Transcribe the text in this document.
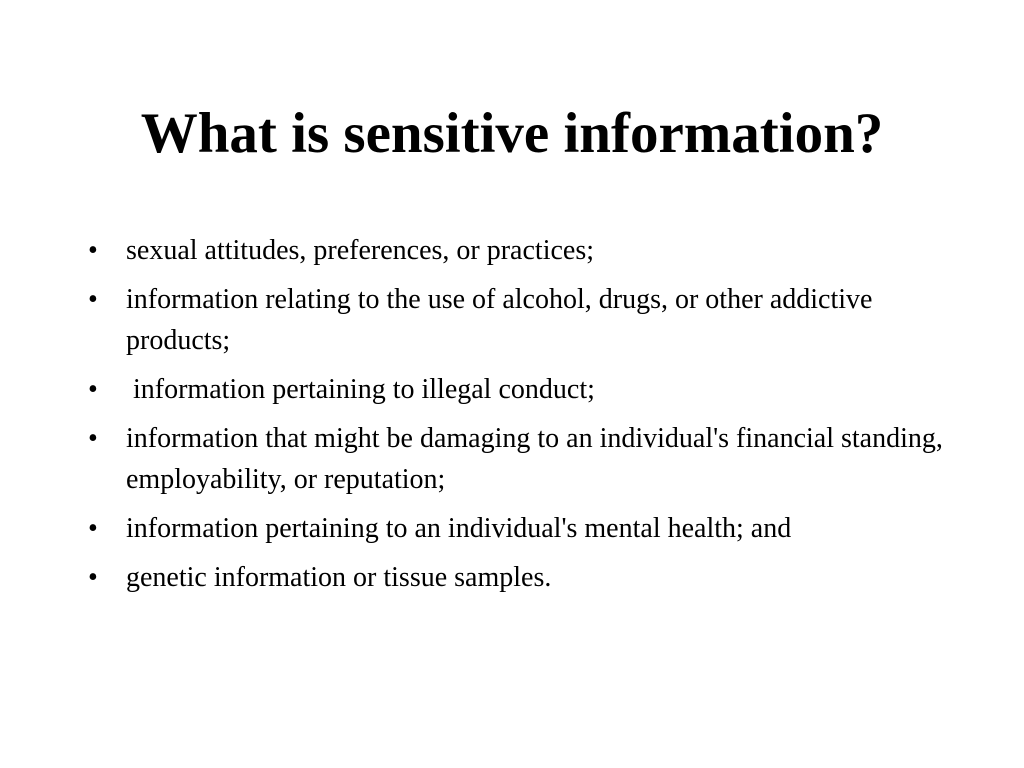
What is sensitive information?
•	sexual attitudes, preferences, or practices;
•	information relating to the use of alcohol, drugs, or other addictive products;
•	information pertaining to illegal conduct;
•	information that might be damaging to an individual's financial standing, employability, or reputation;
•	information pertaining to an individual's mental health; and
•	genetic information or tissue samples.
